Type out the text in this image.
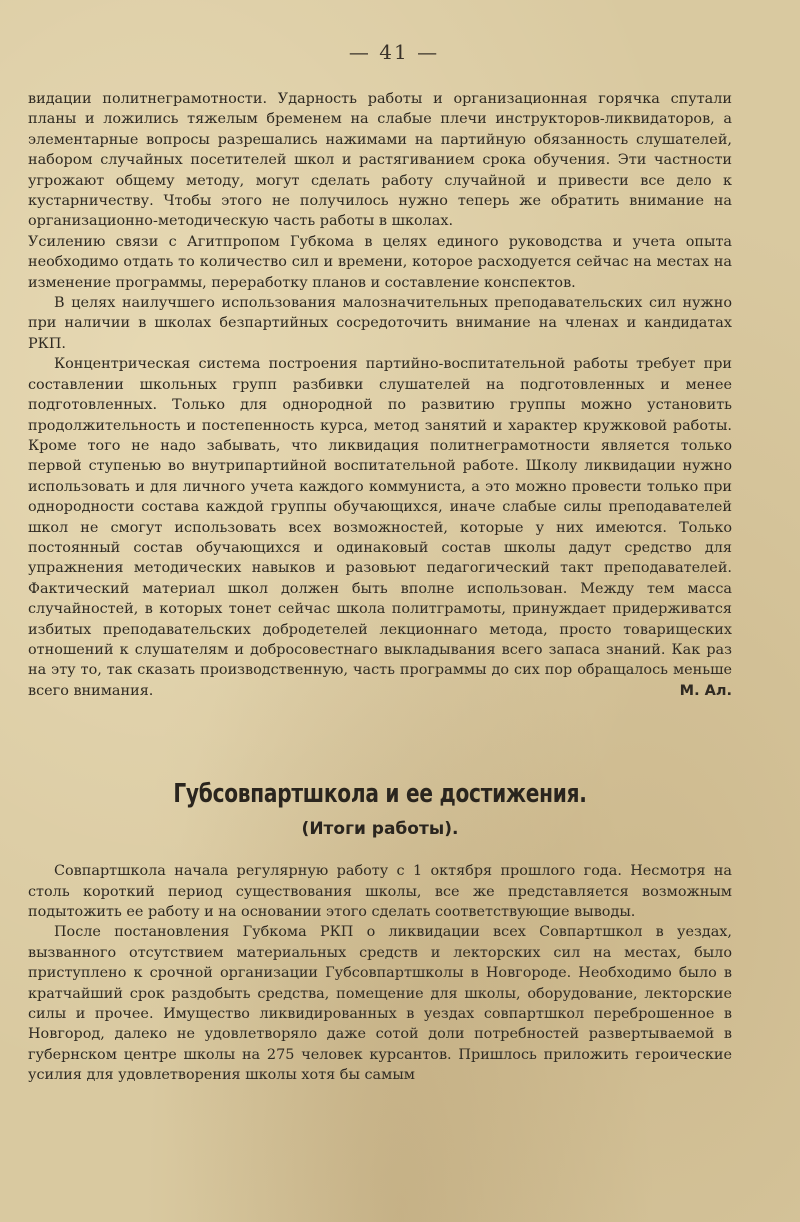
— 41 —

видации политнеграмотности. Ударность работы и организационная горячка спутали планы и ложились тяжелым бременем на слабые плечи инструкторов-ликвидаторов, а элементарные вопросы разрешались нажимами на партийную обязанность слушателей, набором случайных посетителей школ и растягиванием срока обучения. Эти частности угрожают общему методу, могут сделать работу случайной и привести все дело к кустарничеству. Чтобы этого не получилось нужно теперь же обратить внимание на организационно-методическую часть работы в школах.

Усилению связи с Агитпропом Губкома в целях единого руководства и учета опыта необходимо отдать то количество сил и времени, которое расходуется сейчас на местах на изменение программы, переработку планов и составление конспектов.

В целях наилучшего использования малозначительных преподавательских сил нужно при наличии в школах безпартийных сосредоточить внимание на членах и кандидатах РКП.

Концентрическая система построения партийно-воспитательной работы требует при составлении школьных групп разбивки слушателей на подготовленных и менее подготовленных. Только для однородной по развитию группы можно установить продолжительность и постепенность курса, метод занятий и характер кружковой работы. Кроме того не надо забывать, что ликвидация политнеграмотности является только первой ступенью во внутрипартийной воспитательной работе. Школу ликвидации нужно использовать и для личного учета каждого коммуниста, а это можно провести только при однородности состава каждой группы обучающихся, иначе слабые силы преподавателей школ не смогут использовать всех возможностей, которые у них имеются. Только постоянный состав обучающихся и одинаковый состав школы дадут средство для упражнения методических навыков и разовьют педагогический такт преподавателей. Фактический материал школ должен быть вполне использован. Между тем масса случайностей, в которых тонет сейчас школа политграмоты, принуждает придерживатся избитых преподавательских добродетелей лекционнаго метода, просто товарищеских отношений к слушателям и добросовестнаго выкладывания всего запаса знаний. Как раз на эту то, так сказать производственную, часть программы до сих пор обращалось меньше всего внимания.	М. Ал.

Губсовпартшкола и ее достижения.
(Итоги работы).

Совпартшкола начала регулярную работу с 1 октября прошлого года. Несмотря на столь короткий период существования школы, все же представляется возможным подытожить ее работу и на основании этого сделать соответствующие выводы.

После постановления Губкома РКП о ликвидации всех Совпартшкол в уездах, вызванного отсутствием материальных средств и лекторских сил на местах, было приступлено к срочной организации Губсовпартшколы в Новгороде. Необходимо было в кратчайший срок раздобыть средства, помещение для школы, оборудование, лекторские силы и прочее. Имущество ликвидированных в уездах совпартшкол переброшенное в Новгород, далеко не удовлетворяло даже сотой доли потребностей развертываемой в губернском центре школы на 275 человек курсантов. Пришлось приложить героические усилия для удовлетворения школы хотя бы самым
